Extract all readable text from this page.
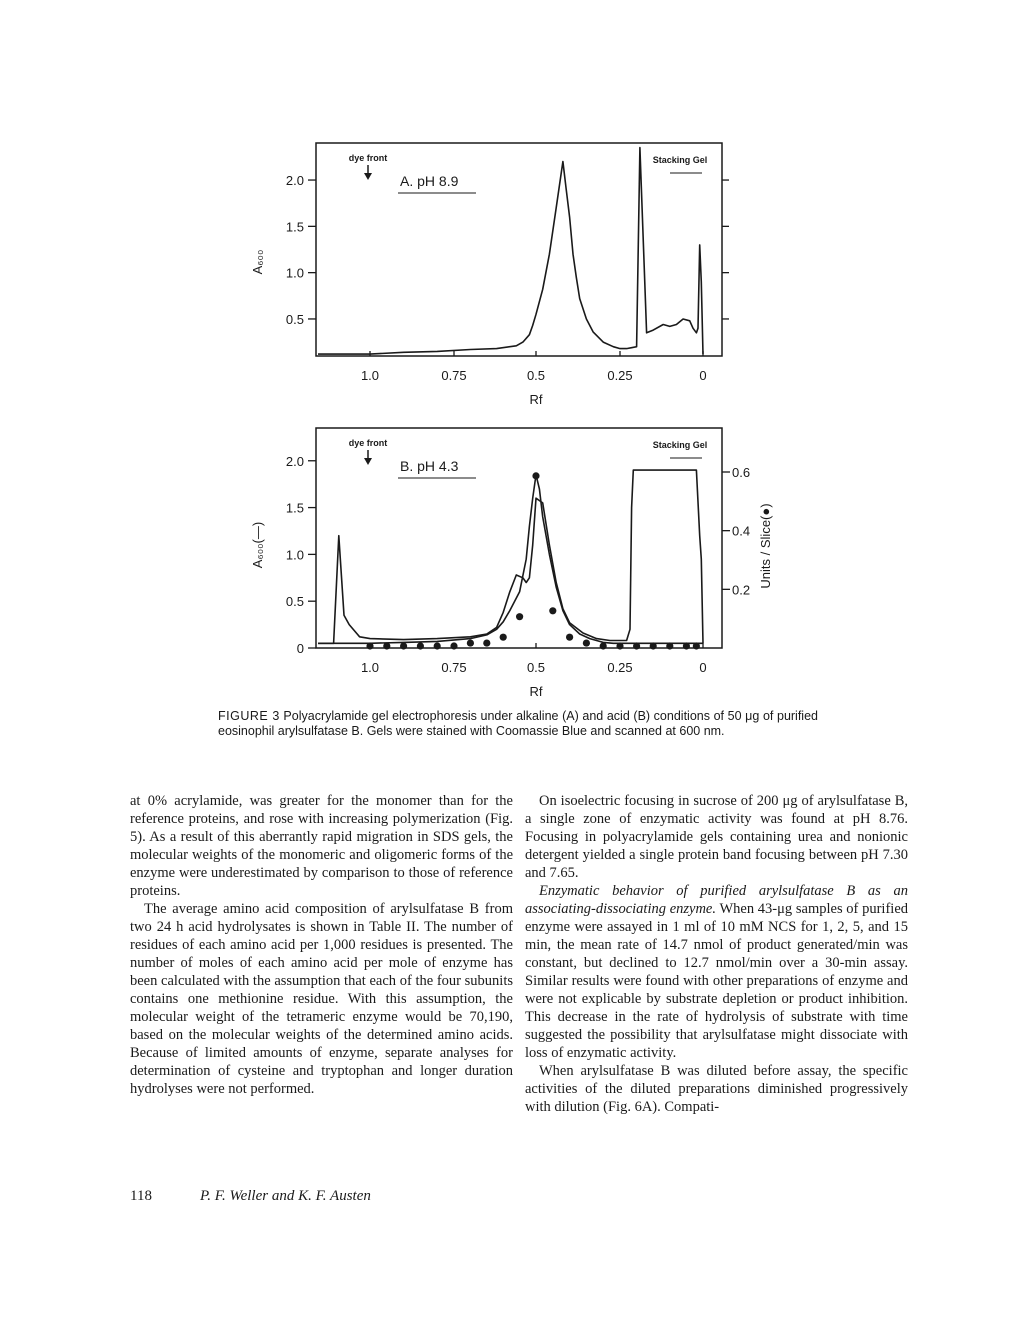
0.5
1.0
1.5
2.0
1.0	0.75	0.5	0.25	0
Rf
A₆₀₀
A. pH 8.9
dye front	Stacking Gel
0
0.5
1.0
1.5
2.0
0.2
0.4
0.6
Units / Slice(●)
1.0	0.75	0.5	0.25	0
Rf
A₆₀₀(—)
B. pH 4.3
dye front	Stacking Gel
FIGURE 3 Polyacrylamide gel electrophoresis under alkaline (A) and acid (B) conditions of 50 μg of purified eosinophil arylsulfatase B. Gels were stained with Coomassie Blue and scanned at 600 nm.

at 0% acrylamide, was greater for the monomer than for the reference proteins, and rose with increasing polymerization (Fig. 5). As a result of this aberrantly rapid migration in SDS gels, the molecular weights of the monomeric and oligomeric forms of the enzyme were underestimated by comparison to those of reference proteins.

The average amino acid composition of arylsulfatase B from two 24 h acid hydrolysates is shown in Table II. The number of residues of each amino acid per 1,000 residues is presented. The number of moles of each amino acid per mole of enzyme has been calculated with the assumption that each of the four subunits contains one methionine residue. With this assumption, the molecular weight of the tetrameric enzyme would be 70,190, based on the molecular weights of the determined amino acids. Because of limited amounts of enzyme, separate analyses for determination of cysteine and tryptophan and longer duration hydrolyses were not performed.

On isoelectric focusing in sucrose of 200 μg of arylsulfatase B, a single zone of enzymatic activity was found at pH 8.76. Focusing in polyacrylamide gels containing urea and nonionic detergent yielded a single protein band focusing between pH 7.30 and 7.65.

Enzymatic behavior of purified arylsulfatase B as an associating-dissociating enzyme. When 43-μg samples of purified enzyme were assayed in 1 ml of 10 mM NCS for 1, 2, 5, and 15 min, the mean rate of 14.7 nmol of product generated/min was constant, but declined to 12.7 nmol/min over a 30-min assay. Similar results were found with other preparations of enzyme and were not explicable by substrate depletion or product inhibition. This decrease in the rate of hydrolysis of substrate with time suggested the possibility that arylsulfatase might dissociate with loss of enzymatic activity.

When arylsulfatase B was diluted before assay, the specific activities of the diluted preparations diminished progressively with dilution (Fig. 6A). Compati-

118	P. F. Weller and K. F. Austen
